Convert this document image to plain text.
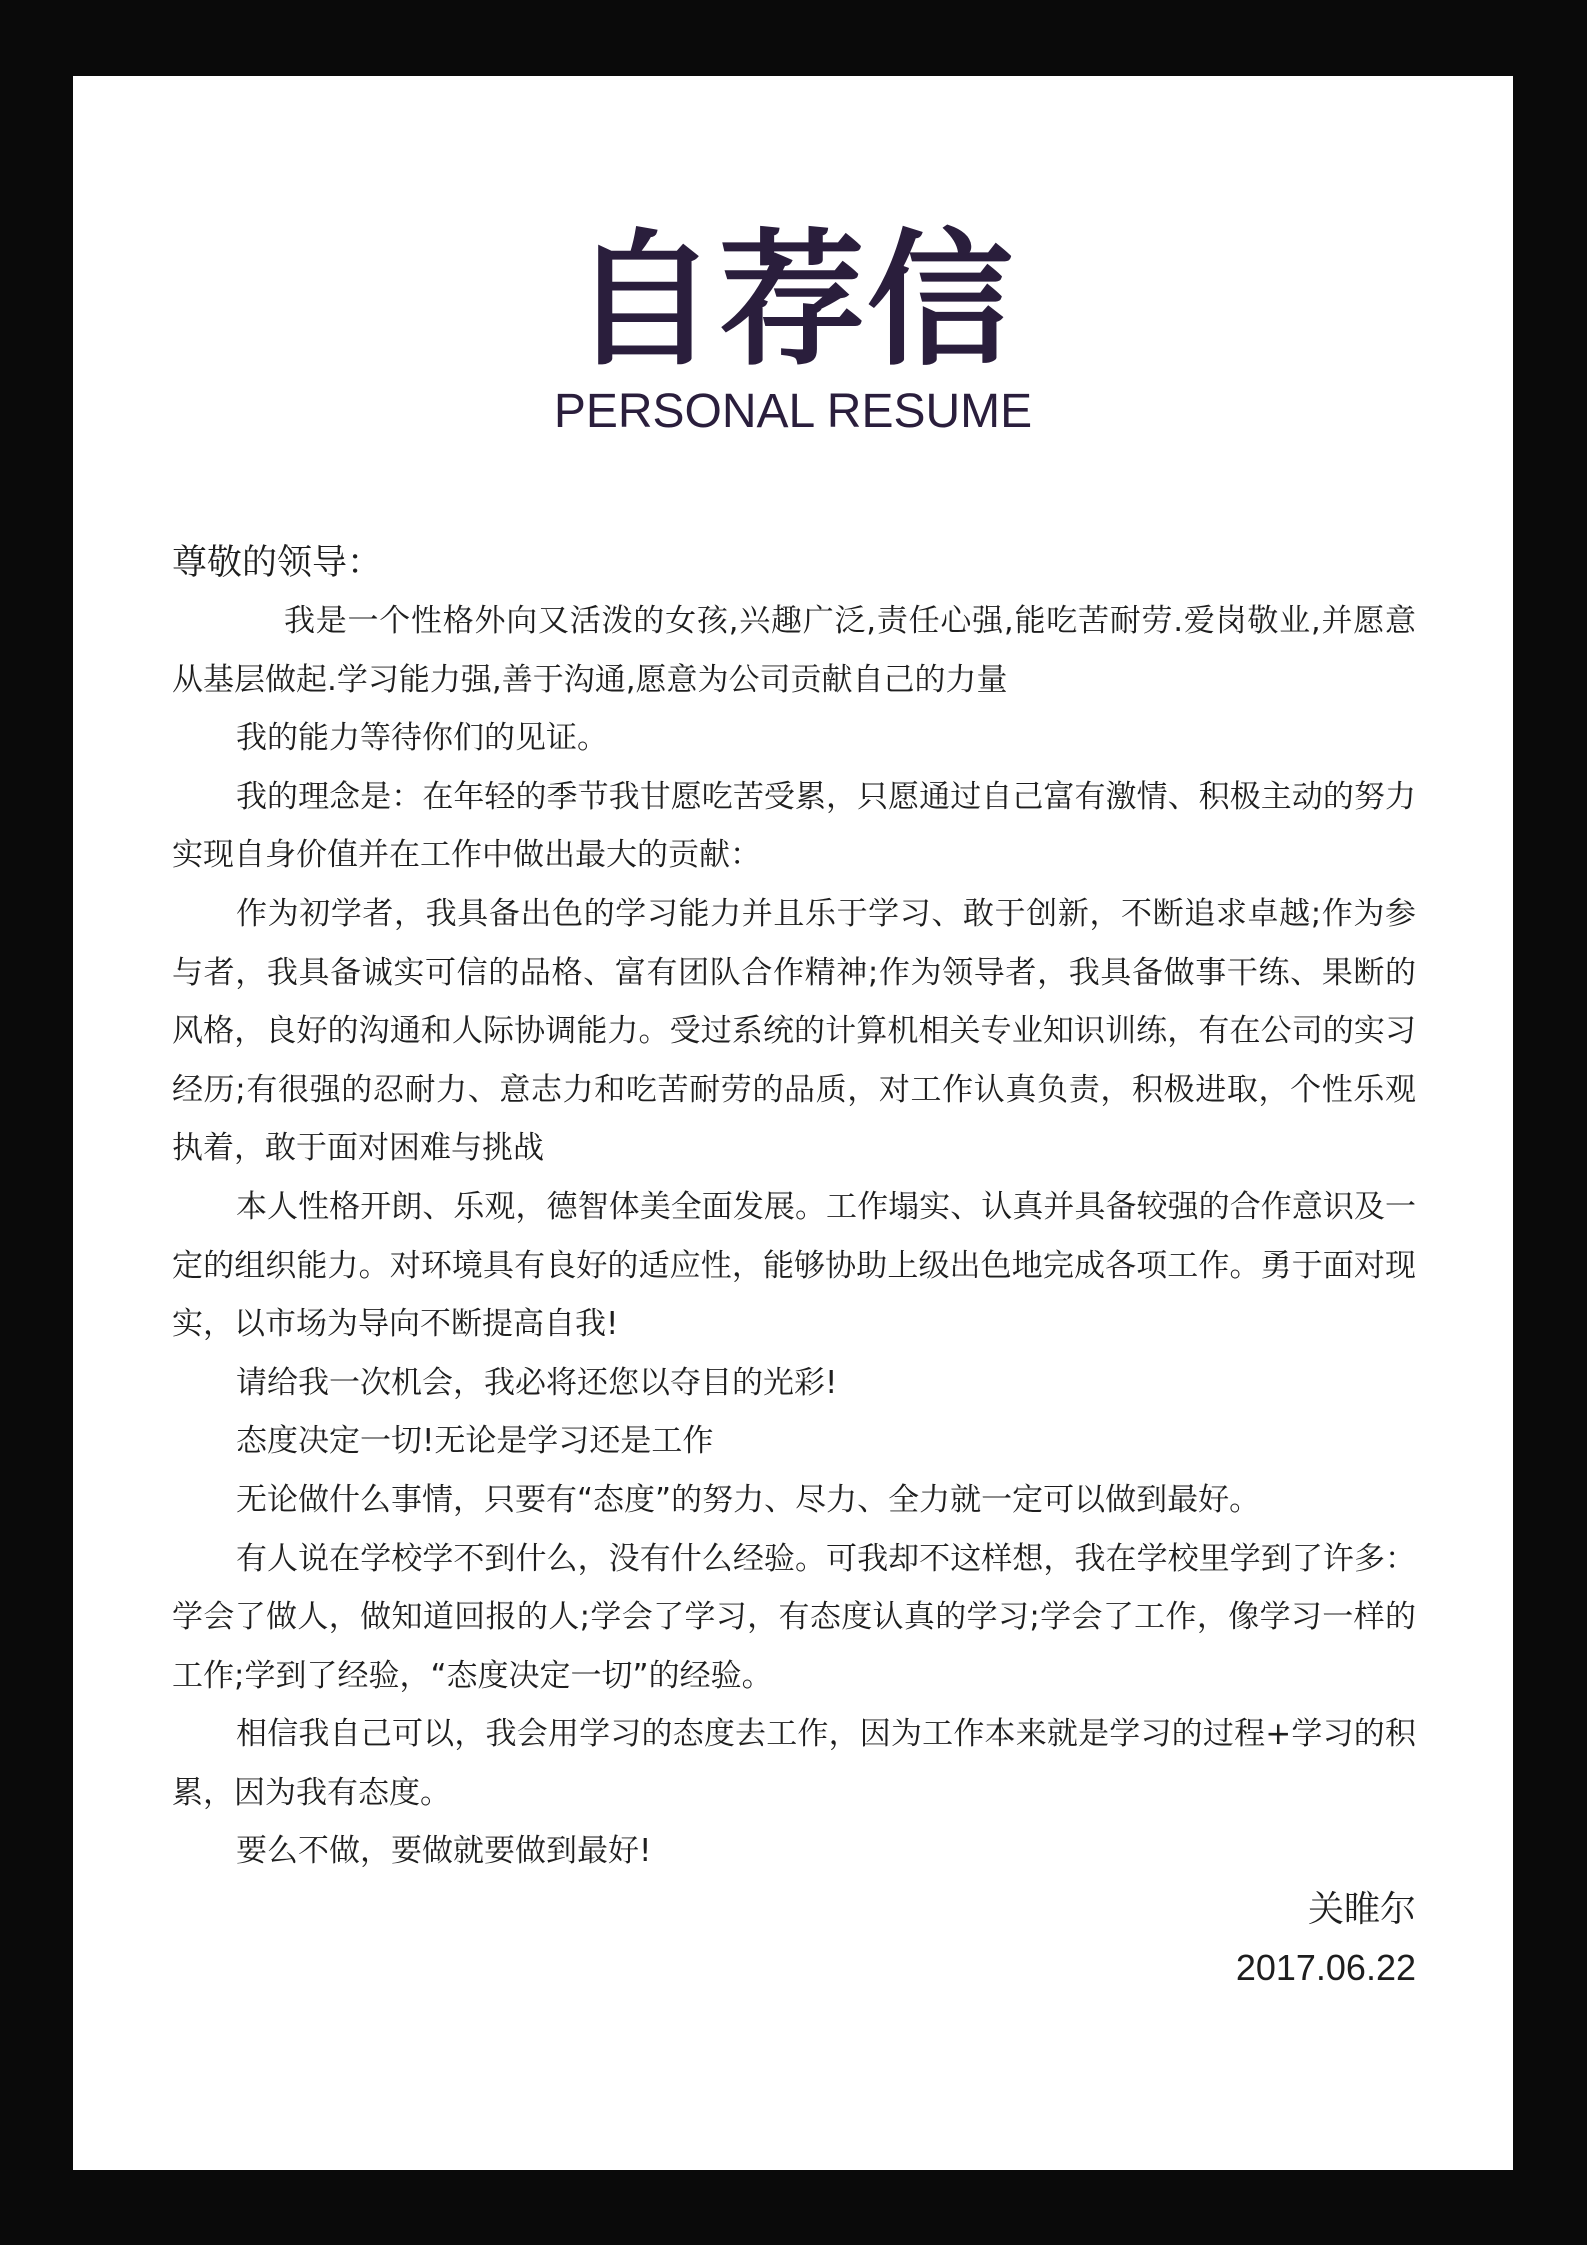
自荐信
PERSONAL RESUME

尊敬的领导：

我是一个性格外向又活泼的女孩,兴趣广泛,责任心强,能吃苦耐劳.爱岗敬业,并愿意从基层做起.学习能力强,善于沟通,愿意为公司贡献自己的力量

我的能力等待你们的见证。

我的理念是：在年轻的季节我甘愿吃苦受累，只愿通过自己富有激情、积极主动的努力实现自身价值并在工作中做出最大的贡献：

作为初学者，我具备出色的学习能力并且乐于学习、敢于创新，不断追求卓越;作为参与者，我具备诚实可信的品格、富有团队合作精神;作为领导者，我具备做事干练、果断的风格，良好的沟通和人际协调能力。受过系统的计算机相关专业知识训练，有在公司的实习经历;有很强的忍耐力、意志力和吃苦耐劳的品质，对工作认真负责，积极进取，个性乐观执着，敢于面对困难与挑战

本人性格开朗、乐观，德智体美全面发展。工作塌实、认真并具备较强的合作意识及一定的组织能力。对环境具有良好的适应性，能够协助上级出色地完成各项工作。勇于面对现实，以市场为导向不断提高自我!

请给我一次机会，我必将还您以夺目的光彩!

态度决定一切!无论是学习还是工作

无论做什么事情，只要有“态度”的努力、尽力、全力就一定可以做到最好。

有人说在学校学不到什么，没有什么经验。可我却不这样想，我在学校里学到了许多：学会了做人，做知道回报的人;学会了学习，有态度认真的学习;学会了工作，像学习一样的工作;学到了经验，“态度决定一切”的经验。

相信我自己可以，我会用学习的态度去工作，因为工作本来就是学习的过程+学习的积累，因为我有态度。

要么不做，要做就要做到最好!

关睢尔

2017.06.22
